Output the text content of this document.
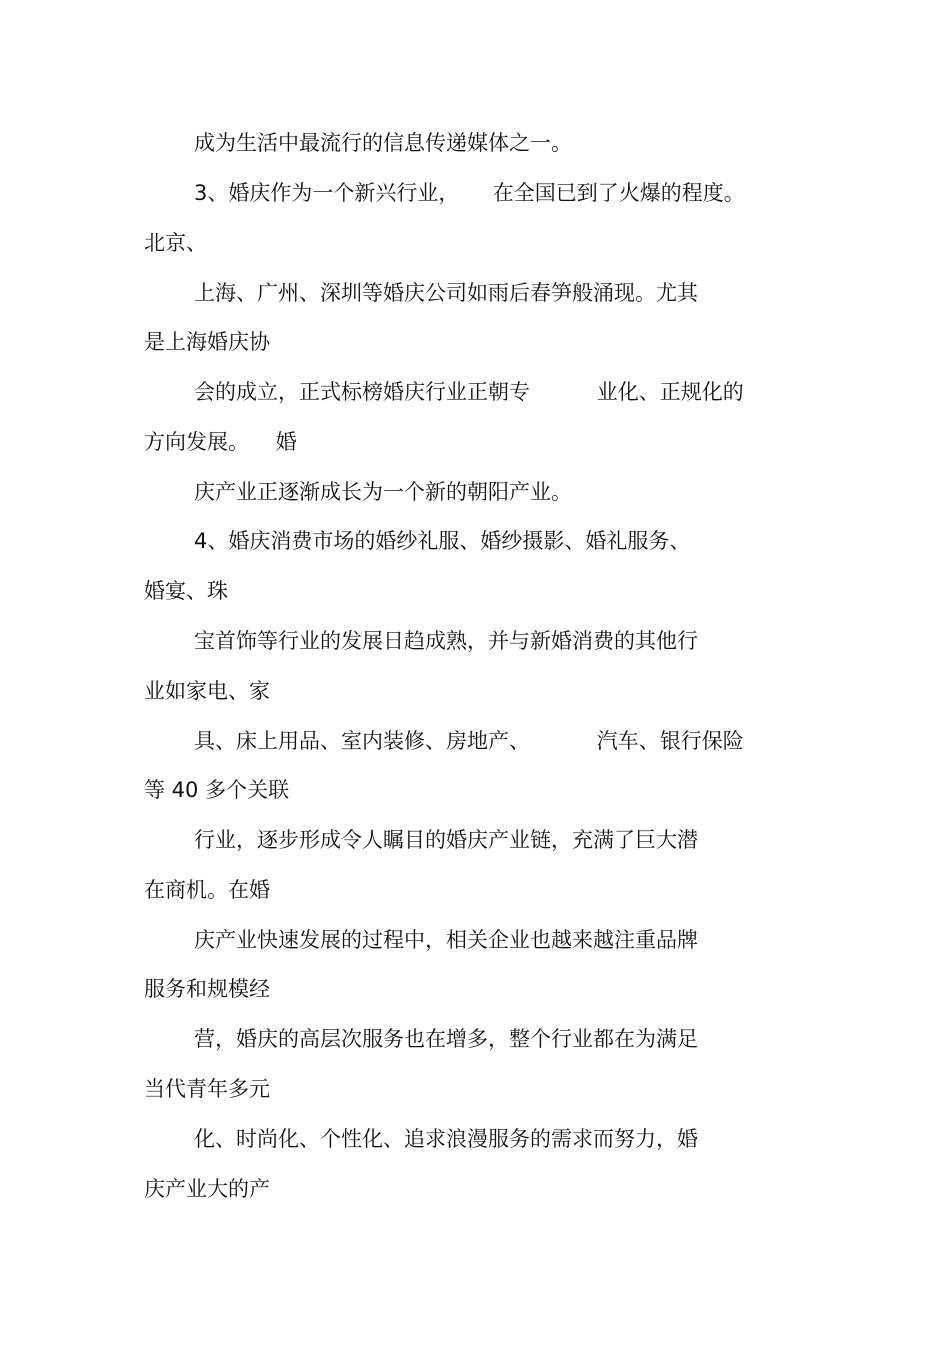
成为生活中最流行的信息传递媒体之一。
3、婚庆作为一个新兴行业，     在全国已到了火爆的程度。
北京、
上海、广州、深圳等婚庆公司如雨后春笋般涌现。尤其
是上海婚庆协
会的成立，正式标榜婚庆行业正朝专          业化、正规化的
方向发展。    婚
庆产业正逐渐成长为一个新的朝阳产业。
4、婚庆消费市场的婚纱礼服、婚纱摄影、婚礼服务、
婚宴、珠
宝首饰等行业的发展日趋成熟，并与新婚消费的其他行
业如家电、家
具、床上用品、室内装修、房地产、          汽车、银行保险
等 40 多个关联
行业，逐步形成令人瞩目的婚庆产业链，充满了巨大潜
在商机。在婚
庆产业快速发展的过程中，相关企业也越来越注重品牌
服务和规模经
营，婚庆的高层次服务也在增多，整个行业都在为满足
当代青年多元
化、时尚化、个性化、追求浪漫服务的需求而努力，婚
庆产业大的产
